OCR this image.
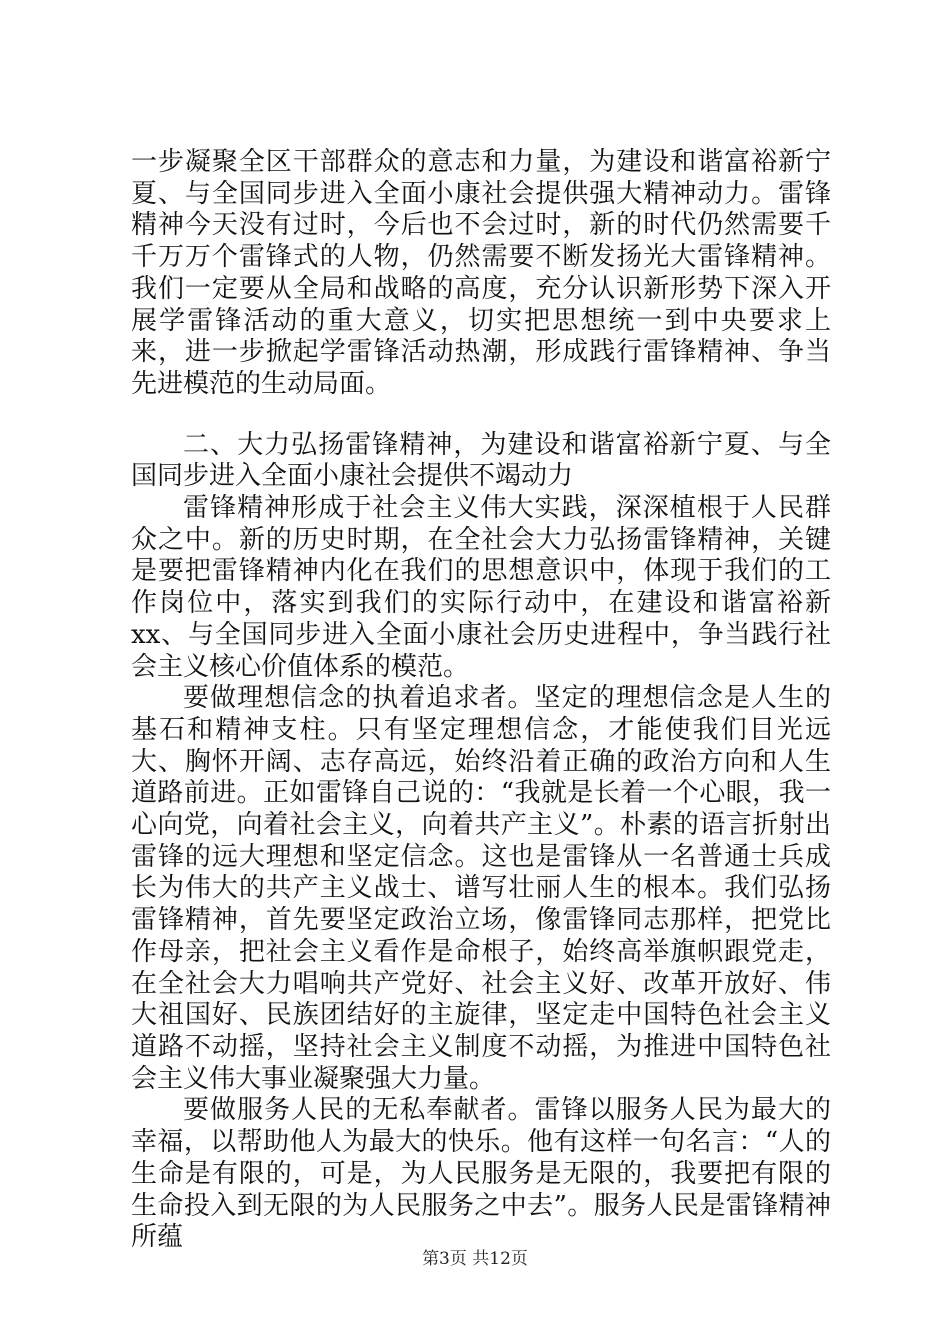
一步凝聚全区干部群众的意志和力量，为建设和谐富裕新宁夏、与全国同步进入全面小康社会提供强大精神动力。雷锋精神今天没有过时，今后也不会过时，新的时代仍然需要千千万万个雷锋式的人物，仍然需要不断发扬光大雷锋精神。我们一定要从全局和战略的高度，充分认识新形势下深入开展学雷锋活动的重大意义，切实把思想统一到中央要求上来，进一步掀起学雷锋活动热潮，形成践行雷锋精神、争当先进模范的生动局面。

二、大力弘扬雷锋精神，为建设和谐富裕新宁夏、与全国同步进入全面小康社会提供不竭动力

雷锋精神形成于社会主义伟大实践，深深植根于人民群众之中。新的历史时期，在全社会大力弘扬雷锋精神，关键是要把雷锋精神内化在我们的思想意识中，体现于我们的工作岗位中，落实到我们的实际行动中，在建设和谐富裕新xx、与全国同步进入全面小康社会历史进程中，争当践行社会主义核心价值体系的模范。

要做理想信念的执着追求者。坚定的理想信念是人生的基石和精神支柱。只有坚定理想信念，才能使我们目光远大、胸怀开阔、志存高远，始终沿着正确的政治方向和人生道路前进。正如雷锋自己说的：“我就是长着一个心眼，我一心向党，向着社会主义，向着共产主义”。朴素的语言折射出雷锋的远大理想和坚定信念。这也是雷锋从一名普通士兵成长为伟大的共产主义战士、谱写壮丽人生的根本。我们弘扬雷锋精神，首先要坚定政治立场，像雷锋同志那样，把党比作母亲，把社会主义看作是命根子，始终高举旗帜跟党走，在全社会大力唱响共产党好、社会主义好、改革开放好、伟大祖国好、民族团结好的主旋律，坚定走中国特色社会主义道路不动摇，坚持社会主义制度不动摇，为推进中国特色社会主义伟大事业凝聚强大力量。

要做服务人民的无私奉献者。雷锋以服务人民为最大的幸福，以帮助他人为最大的快乐。他有这样一句名言：“人的生命是有限的，可是，为人民服务是无限的，我要把有限的生命投入到无限的为人民服务之中去”。服务人民是雷锋精神所蕴

第3页 共12页
